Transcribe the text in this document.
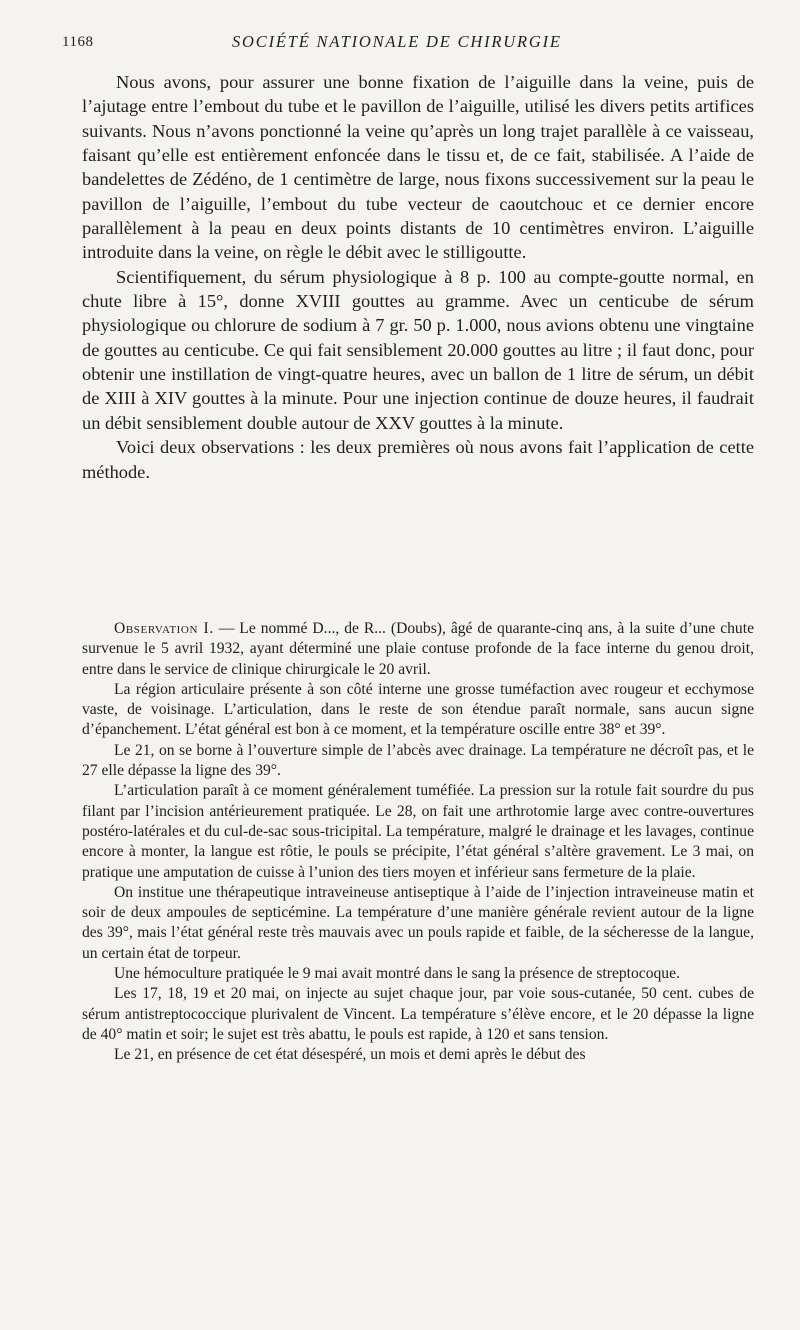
1168	SOCIÉTÉ NATIONALE DE CHIRURGIE

Nous avons, pour assurer une bonne fixation de l’aiguille dans la veine, puis de l’ajutage entre l’embout du tube et le pavillon de l’aiguille, utilisé les divers petits artifices suivants. Nous n’avons ponctionné la veine qu’après un long trajet parallèle à ce vaisseau, faisant qu’elle est entièrement enfoncée dans le tissu et, de ce fait, stabilisée. A l’aide de bandelettes de Zédéno, de 1 centimètre de large, nous fixons successivement sur la peau le pavillon de l’aiguille, l’embout du tube vecteur de caoutchouc et ce dernier encore parallèlement à la peau en deux points distants de 10 centimètres environ. L’aiguille introduite dans la veine, on règle le débit avec le stilligoutte.

Scientifiquement, du sérum physiologique à 8 p. 100 au compte-goutte normal, en chute libre à 15°, donne XVIII gouttes au gramme. Avec un centicube de sérum physiologique ou chlorure de sodium à 7 gr. 50 p. 1.000, nous avions obtenu une vingtaine de gouttes au centicube. Ce qui fait sensiblement 20.000 gouttes au litre ; il faut donc, pour obtenir une instillation de vingt-quatre heures, avec un ballon de 1 litre de sérum, un débit de XIII à XIV gouttes à la minute. Pour une injection continue de douze heures, il faudrait un débit sensiblement double autour de XXV gouttes à la minute.

Voici deux observations : les deux premières où nous avons fait l’application de cette méthode.

Observation I. — Le nommé D..., de R... (Doubs), âgé de quarante-cinq ans, à la suite d’une chute survenue le 5 avril 1932, ayant déterminé une plaie contuse profonde de la face interne du genou droit, entre dans le service de clinique chirurgicale le 20 avril.

La région articulaire présente à son côté interne une grosse tuméfaction avec rougeur et ecchymose vaste, de voisinage. L’articulation, dans le reste de son étendue paraît normale, sans aucun signe d’épanchement. L’état général est bon à ce moment, et la température oscille entre 38° et 39°.

Le 21, on se borne à l’ouverture simple de l’abcès avec drainage. La température ne décroît pas, et le 27 elle dépasse la ligne des 39°.

L’articulation paraît à ce moment généralement tuméfiée. La pression sur la rotule fait sourdre du pus filant par l’incision antérieurement pratiquée. Le 28, on fait une arthrotomie large avec contre-ouvertures postéro-latérales et du cul-de-sac sous-tricipital. La température, malgré le drainage et les lavages, continue encore à monter, la langue est rôtie, le pouls se précipite, l’état général s’altère gravement. Le 3 mai, on pratique une amputation de cuisse à l’union des tiers moyen et inférieur sans fermeture de la plaie.

On institue une thérapeutique intraveineuse antiseptique à l’aide de l’injection intraveineuse matin et soir de deux ampoules de septicémine. La température d’une manière générale revient autour de la ligne des 39°, mais l’état général reste très mauvais avec un pouls rapide et faible, de la sécheresse de la langue, un certain état de torpeur.

Une hémoculture pratiquée le 9 mai avait montré dans le sang la présence de streptocoque.

Les 17, 18, 19 et 20 mai, on injecte au sujet chaque jour, par voie sous-cutanée, 50 cent. cubes de sérum antistreptococcique plurivalent de Vincent. La température s’élève encore, et le 20 dépasse la ligne de 40° matin et soir; le sujet est très abattu, le pouls est rapide, à 120 et sans tension.

Le 21, en présence de cet état désespéré, un mois et demi après le début des
